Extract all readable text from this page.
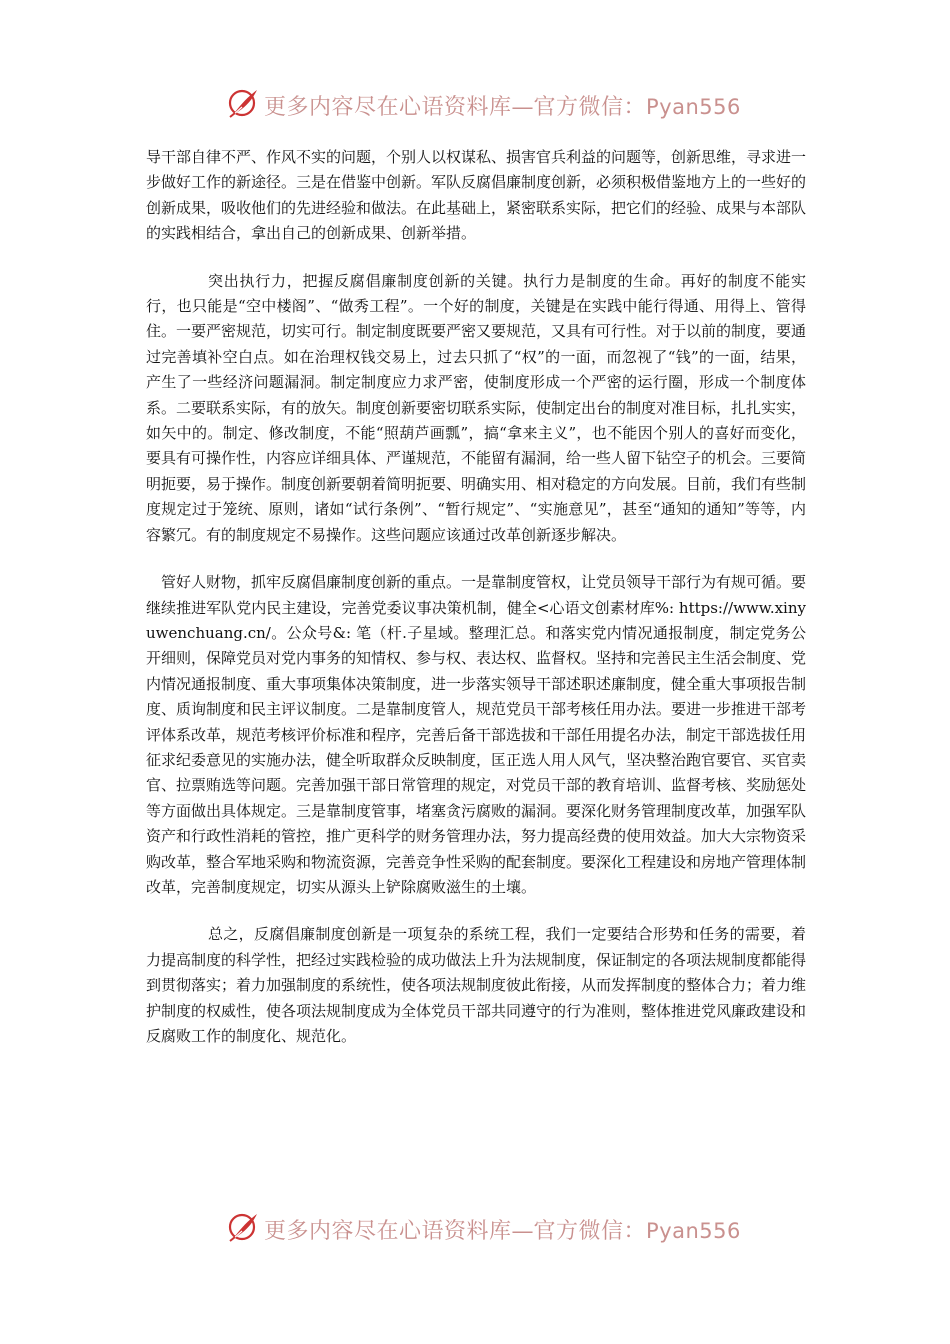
更多内容尽在心语资料库—官方微信：Pyan556

导干部自律不严、作风不实的问题，个别人以权谋私、损害官兵利益的问题等，创新思维，寻求进一步做好工作的新途径。三是在借鉴中创新。军队反腐倡廉制度创新，必须积极借鉴地方上的一些好的创新成果，吸收他们的先进经验和做法。在此基础上，紧密联系实际，把它们的经验、成果与本部队的实践相结合，拿出自己的创新成果、创新举措。

突出执行力，把握反腐倡廉制度创新的关键。执行力是制度的生命。再好的制度不能实行，也只能是“空中楼阁”、“做秀工程”。一个好的制度，关键是在实践中能行得通、用得上、管得住。一要严密规范，切实可行。制定制度既要严密又要规范，又具有可行性。对于以前的制度，要通过完善填补空白点。如在治理权钱交易上，过去只抓了“权”的一面，而忽视了“钱”的一面，结果，产生了一些经济问题漏洞。制定制度应力求严密，使制度形成一个严密的运行圈，形成一个制度体系。二要联系实际，有的放矢。制度创新要密切联系实际，使制定出台的制度对准目标，扎扎实实，如矢中的。制定、修改制度，不能“照葫芦画瓢”，搞“拿来主义”，也不能因个别人的喜好而变化，要具有可操作性，内容应详细具体、严谨规范，不能留有漏洞，给一些人留下钻空子的机会。三要简明扼要，易于操作。制度创新要朝着简明扼要、明确实用、相对稳定的方向发展。目前，我们有些制度规定过于笼统、原则，诸如“试行条例”、“暂行规定”、“实施意见”，甚至“通知的通知”等等，内容繁冗。有的制度规定不易操作。这些问题应该通过改革创新逐步解决。

管好人财物，抓牢反腐倡廉制度创新的重点。一是靠制度管权，让党员领导干部行为有规可循。要继续推进军队党内民主建设，完善党委议事决策机制，健全<心语文创素材库%: https://www.xinyuwenchuang.cn/。公众号&: 笔（杆.子星域。整理汇总。和落实党内情况通报制度，制定党务公开细则，保障党员对党内事务的知情权、参与权、表达权、监督权。坚持和完善民主生活会制度、党内情况通报制度、重大事项集体决策制度，进一步落实领导干部述职述廉制度，健全重大事项报告制度、质询制度和民主评议制度。二是靠制度管人，规范党员干部考核任用办法。要进一步推进干部考评体系改革，规范考核评价标准和程序，完善后备干部选拔和干部任用提名办法，制定干部选拔任用征求纪委意见的实施办法，健全听取群众反映制度，匡正选人用人风气，坚决整治跑官要官、买官卖官、拉票贿选等问题。完善加强干部日常管理的规定，对党员干部的教育培训、监督考核、奖励惩处等方面做出具体规定。三是靠制度管事，堵塞贪污腐败的漏洞。要深化财务管理制度改革，加强军队资产和行政性消耗的管控，推广更科学的财务管理办法，努力提高经费的使用效益。加大大宗物资采购改革，整合军地采购和物流资源，完善竞争性采购的配套制度。要深化工程建设和房地产管理体制改革，完善制度规定，切实从源头上铲除腐败滋生的土壤。

总之，反腐倡廉制度创新是一项复杂的系统工程，我们一定要结合形势和任务的需要，着力提高制度的科学性，把经过实践检验的成功做法上升为法规制度，保证制定的各项法规制度都能得到贯彻落实；着力加强制度的系统性，使各项法规制度彼此衔接，从而发挥制度的整体合力；着力维护制度的权威性，使各项法规制度成为全体党员干部共同遵守的行为准则，整体推进党风廉政建设和反腐败工作的制度化、规范化。

更多内容尽在心语资料库—官方微信：Pyan556
